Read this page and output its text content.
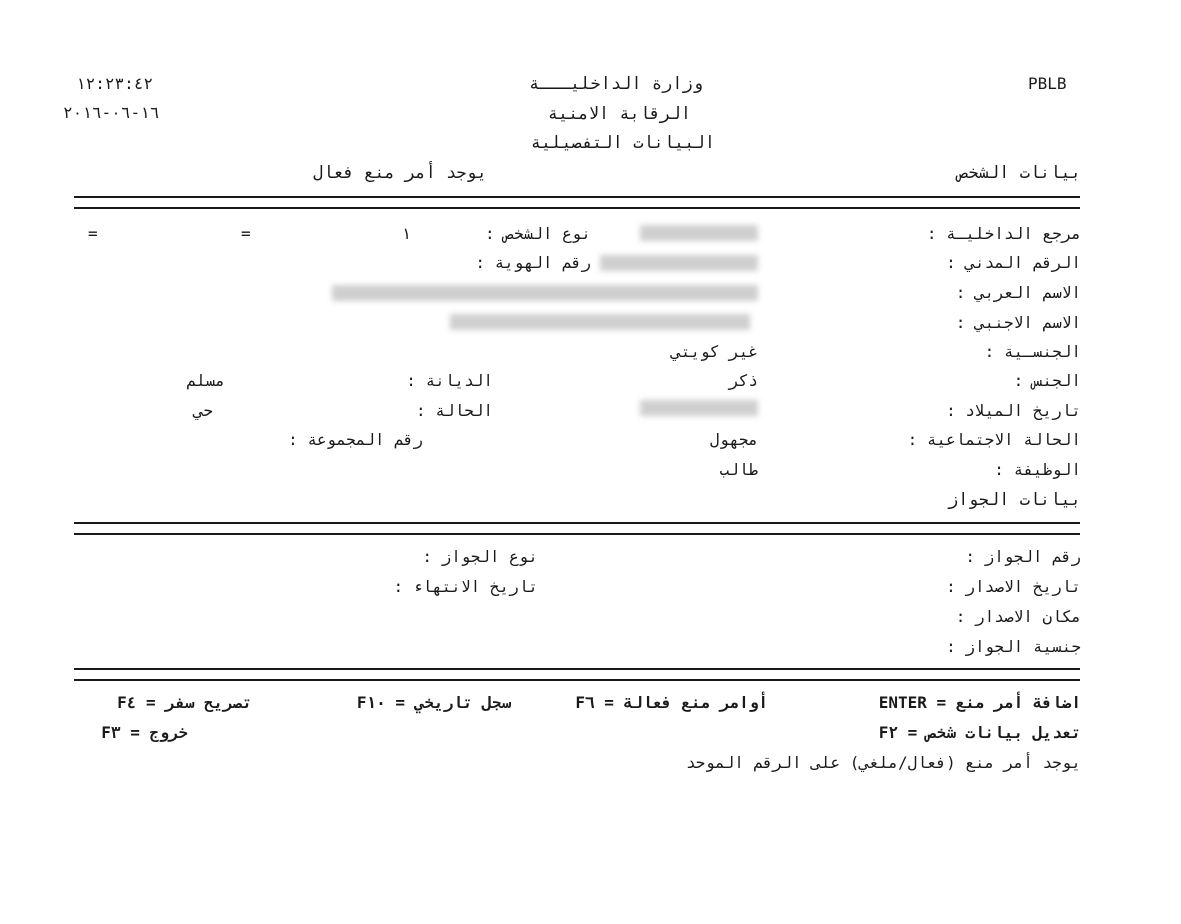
PBLB
وزارة الداخليـــة
الرقابة الامنية
البيانات التفصيلية
١٢:٢٣:٤٢
١٦-٠٦-٢٠١٦
بيانات الشخص
يوجد أمر منع فعال
مرجع الداخليـة :
الرقم المدني :
الاسم العربي :
الاسم الاجنبي :
الجنسـية :
الجنس :
تاريخ الميلاد :
الحالة الاجتماعية :
الوظيفة :
غير كويتي
ذكر
مجهول
طالب
نوع الشخص :
١
رقم الهوية :
=
=
الديانة :
مسلم
الحالة :
حي
رقم المجموعة :
بيانات الجواز
رقم الجواز :
تاريخ الاصدار :
مكان الاصدار :
جنسية الجواز :
نوع الجواز :
تاريخ الانتهاء :
اضافة أمر منع = ENTER
أوامر منع فعالة = F٦
سجل تاريخي = F١٠
تصريح سفر = F٤
تعديل بيانات شخص = F٢
خروج = F٣
يوجد أمر منع (فعال/ملغي) على الرقم الموحد
